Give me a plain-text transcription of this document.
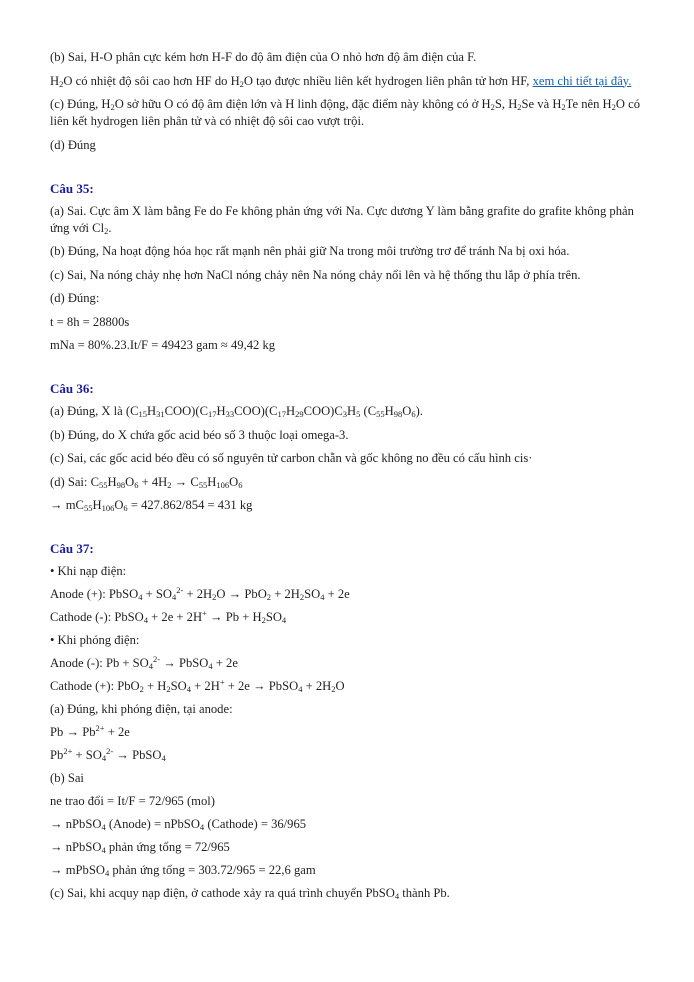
(b) Sai, H-O phân cực kém hơn H-F do độ âm điện của O nhỏ hơn độ âm điện của F.

$H_2O$ có nhiệt độ sôi cao hơn HF do $H_2O$ tạo được nhiều liên kết hydrogen liên phân tử hơn HF, xem chi tiết tại đây.

(c) Đúng, $H_2O$ sở hữu O có độ âm điện lớn và H linh động, đặc điểm này không có ở $H_2S$, $H_2Se$ và $H_2Te$ nên $H_2O$ có liên kết hydrogen liên phân tử và có nhiệt độ sôi cao vượt trội.

(d) Đúng

Câu 35:

(a) Sai. Cực âm X làm bằng Fe do Fe không phản ứng với Na. Cực dương Y làm bằng grafite do grafite không phản ứng với $Cl_2$.

(b) Đúng, Na hoạt động hóa học rất mạnh nên phải giữ Na trong môi trường trơ để tránh Na bị oxi hóa.

(c) Sai, Na nóng chảy nhẹ hơn NaCl nóng chảy nên Na nóng chảy nổi lên và hệ thống thu lắp ở phía trên.

(d) Đúng:

t = 8h = 28800s

mNa = 80%.23.It/F = 49423 gam ≈ 49,42 kg

Câu 36:

(a) Đúng, X là $(C_{15}H_{31}COO)(C_{17}H_{33}COO)(C_{17}H_{29}COO)C_3H_5$ $(C_{55}H_{98}O_6)$.

(b) Đúng, do X chứa gốc acid béo số 3 thuộc loại omega-3.

(c) Sai, các gốc acid béo đều có số nguyên tử carbon chẵn và gốc không no đều có cấu hình cis·

(d) Sai: $C_{55}H_{98}O_6 + 4H_2 \to C_{55}H_{106}O_6$

→ $mC_{55}H_{106}O_6 = 427.862/854 = 431$ kg

Câu 37:

• Khi nạp điện:

Anode (+): PbSO$_4$ + $SO_4^{2-} + 2H_2O \to PbO_2 + 2H_2SO_4 + 2e$

Cathode (-): PbSO$_4$ + $2e + 2H^+ \to Pb + H_2SO_4$

• Khi phóng điện:

Anode (-): $Pb + SO_4^{2-}$ → PbSO$_4$ + 2e

Cathode (+): $PbO_2 + H_2SO_4 + 2H^+ + 2e$ → PbSO$_4$ + $2H_2O$

(a) Đúng, khi phóng điện, tại anode:

$Pb \to Pb^{2+} + 2e$

$Pb^{2+} + SO_4^{2-}$ → PbSO$_4$

(b) Sai

ne trao đổi = It/F = 72/965 (mol)

→ nPbSO$_4$ (Anode) = nPbSO$_4$ (Cathode) = 36/965

→ nPbSO$_4$ phản ứng tổng = 72/965

→ mPbSO$_4$ phản ứng tổng = 303.72/965 = 22,6 gam

(c) Sai, khi acquy nạp điện, ở cathode xảy ra quá trình chuyển PbSO$_4$ thành Pb.
